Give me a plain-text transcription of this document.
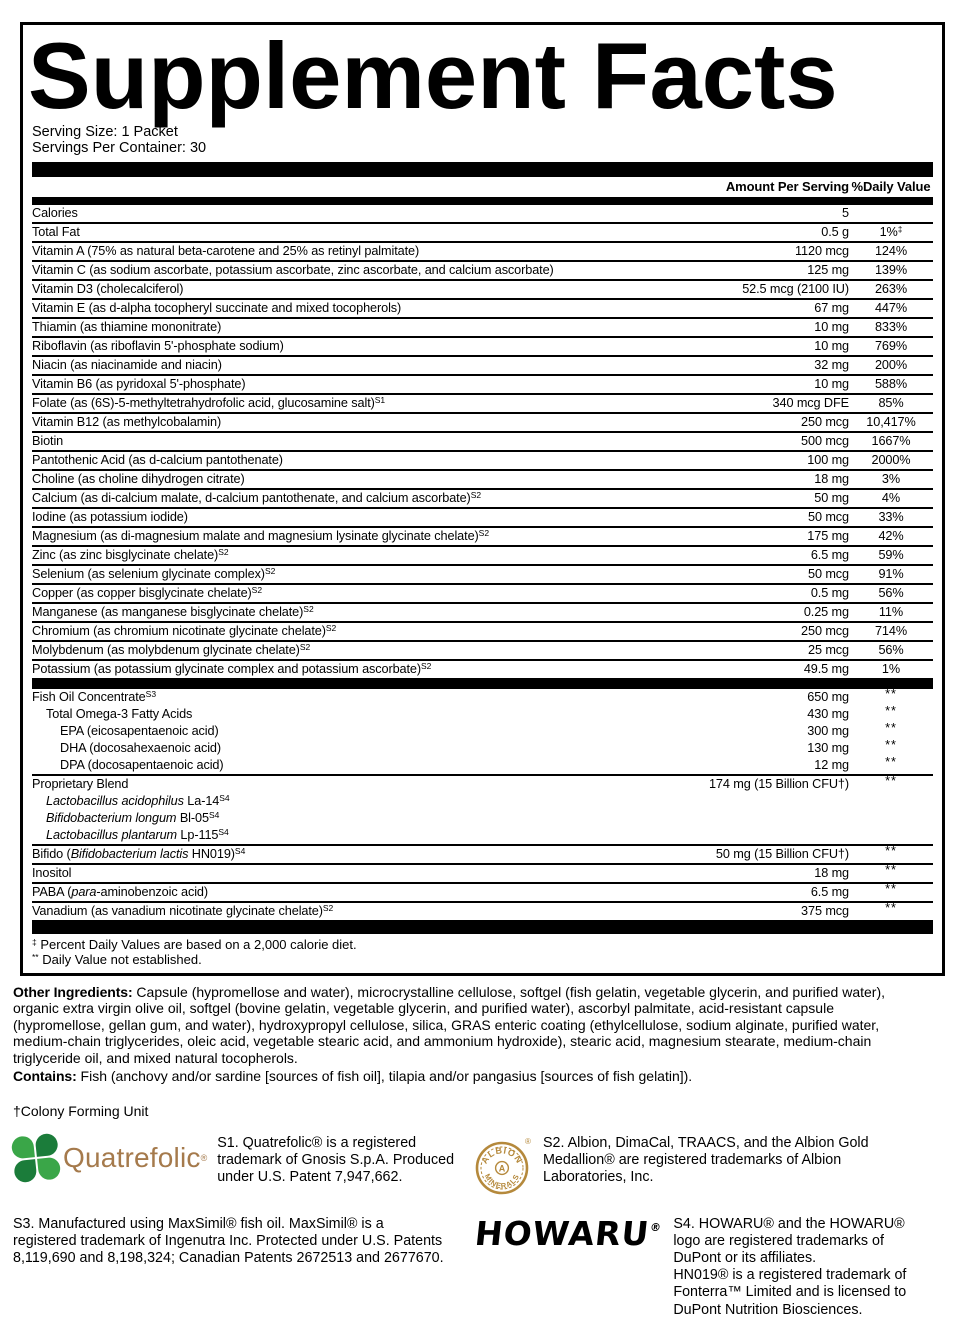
Supplement Facts
Serving Size: 1 Packet
Servings Per Container: 30
Amount Per Serving %Daily Value
Calories	5
Total Fat	0.5 g	1%‡
Vitamin A (75% as natural beta-carotene and 25% as retinyl palmitate)	1120 mcg	124%
Vitamin C (as sodium ascorbate, potassium ascorbate, zinc ascorbate, and calcium ascorbate)	125 mg	139%
Vitamin D3 (cholecalciferol)	52.5 mcg (2100 IU)	263%
Vitamin E (as d-alpha tocopheryl succinate and mixed tocopherols)	67 mg	447%
Thiamin (as thiamine mononitrate)	10 mg	833%
Riboflavin (as riboflavin 5'-phosphate sodium)	10 mg	769%
Niacin (as niacinamide and niacin)	32 mg	200%
Vitamin B6 (as pyridoxal 5'-phosphate)	10 mg	588%
Folate (as (6S)-5-methyltetrahydrofolic acid, glucosamine salt)$^{S1}$	340 mcg DFE	85%
Vitamin B12 (as methylcobalamin)	250 mcg	10,417%
Biotin	500 mcg	1667%
Pantothenic Acid (as d-calcium pantothenate)	100 mg	2000%
Choline (as choline dihydrogen citrate)	18 mg	3%
Calcium (as di-calcium malate, d-calcium pantothenate, and calcium ascorbate)$^{S2}$	50 mg	4%
Iodine (as potassium iodide)	50 mcg	33%
Magnesium (as di-magnesium malate and magnesium lysinate glycinate chelate)$^{S2}$	175 mg	42%
Zinc (as zinc bisglycinate chelate)$^{S2}$	6.5 mg	59%
Selenium (as selenium glycinate complex)$^{S2}$	50 mcg	91%
Copper (as copper bisglycinate chelate)$^{S2}$	0.5 mg	56%
Manganese (as manganese bisglycinate chelate)$^{S2}$	0.25 mg	11%
Chromium (as chromium nicotinate glycinate chelate)$^{S2}$	250 mcg	714%
Molybdenum (as molybdenum glycinate chelate)$^{S2}$	25 mcg	56%
Potassium (as potassium glycinate complex and potassium ascorbate)$^{S2}$	49.5 mg	1%
Fish Oil Concentrate$^{S3}$	650 mg	**
Total Omega-3 Fatty Acids	430 mg	**
EPA (eicosapentaenoic acid)	300 mg	**
DHA (docosahexaenoic acid)	130 mg	**
DPA (docosapentaenoic acid)	12 mg	**
Proprietary Blend	174 mg (15 Billion CFU†)	**
Lactobacillus acidophilus $La-14^{S4}$
Bifidobacterium longum $Bl-05^{S4}$
Lactobacillus plantarum $Lp-115^{S4}$
Bifido (Bifidobacterium lactis HN019)$^{S4}$	50 mg (15 Billion CFU†)	**
Inositol	18 mg	**
PABA (para-aminobenzoic acid)	6.5 mg	**
Vanadium (as vanadium nicotinate glycinate chelate)$^{S2}$	375 mcg	**
‡ Percent Daily Values are based on a 2,000 calorie diet.
** Daily Value not established.

Other Ingredients: Capsule (hypromellose and water), microcrystalline cellulose, softgel (fish gelatin, vegetable glycerin, and purified water), organic extra virgin olive oil, softgel (bovine gelatin, vegetable glycerin, and purified water), ascorbyl palmitate, acid-resistant capsule (hypromellose, gellan gum, and water), hydroxypropyl cellulose, silica, GRAS enteric coating (ethylcellulose, sodium alginate, purified water, medium-chain triglycerides, oleic acid, vegetable stearic acid, and ammonium hydroxide), stearic acid, magnesium stearate, medium-chain triglyceride oil, and mixed natural tocopherols.

Contains: Fish (anchovy and/or sardine [sources of fish oil], tilapia and/or pangasius [sources of fish gelatin]).

†Colony Forming Unit
Quatrefolic ®
S1. Quatrefolic® is a registered trademark of Gnosis S.p.A. Produced under U.S. Patent 7,947,662.
ALBION
MINERALS
A
® S2. Albion, DimaCal, TRAACS, and the Albion Gold Medallion® are registered trademarks of Albion Laboratories, Inc.
S3. Manufactured using MaxSimil® fish oil. MaxSimil® is a registered trademark of Ingenutra Inc. Protected under U.S. Patents 8,119,690 and 8,198,324; Canadian Patents 2672513 and 2677670.
HOWARU® S4. HOWARU® and the HOWARU® logo are registered trademarks of DuPont or its affiliates.
HN019® is a registered trademark of Fonterra™ Limited and is licensed to DuPont Nutrition Biosciences.
